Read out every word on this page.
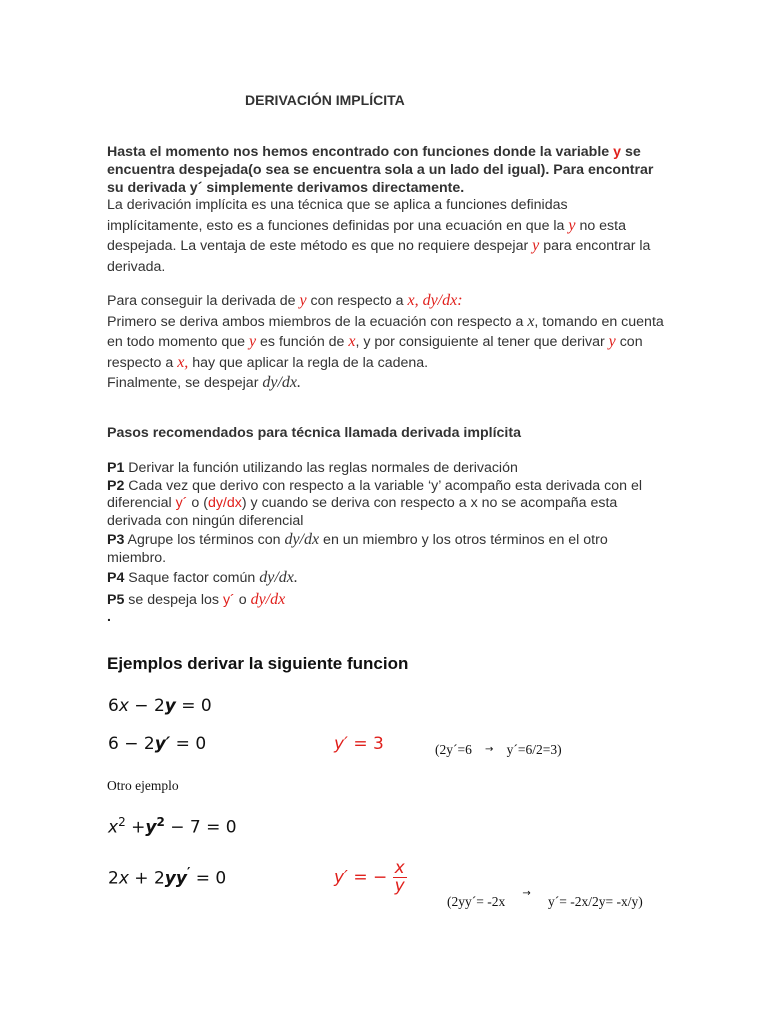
DERIVACIÓN IMPLÍCITA
Hasta el momento nos hemos encontrado con funciones donde la variable y se encuentra despejada(o sea se encuentra sola a un lado del igual). Para encontrar su derivada y´ simplemente derivamos directamente.
La derivación implícita es una técnica que se aplica a funciones definidas implícitamente, esto es a funciones definidas por una ecuación en que la y no esta despejada. La ventaja de este método es que no requiere despejar y para encontrar la derivada.
Para conseguir la derivada de y con respecto a x, dy/dx:
Primero se deriva ambos miembros de la ecuación con respecto a x, tomando en cuenta en todo momento que y es función de x, y por consiguiente al tener que derivar y con respecto a x, hay que aplicar la regla de la cadena.
Finalmente, se despejar dy/dx.
Pasos recomendados para técnica llamada derivada implícita
P1 Derivar la función utilizando las reglas normales de derivación
P2 Cada vez que derivo con respecto a la variable ‘y’ acompaño esta derivada con el diferencial y´ o (dy/dx) y cuando se deriva con respecto a x no se acompaña esta derivada con ningún diferencial
P3 Agrupe los términos con dy/dx en un miembro y los otros términos en el otro miembro.
P4 Saque factor común dy/dx.
P5 se despeja los y´ o dy/dx
.
Ejemplos derivar la siguiente funcion
6x − 2y = 0
6 − 2y′ = 0	y′ = 3	(2y´=6 → y´=6/2=3)
Otro ejemplo
$x^2 +y^2 - 7 = 0$
2x + 2yy′ = 0	y′ = − $\frac{x}{y}$
(2yy´= -2x → y´= -2x/2y= -x/y)
